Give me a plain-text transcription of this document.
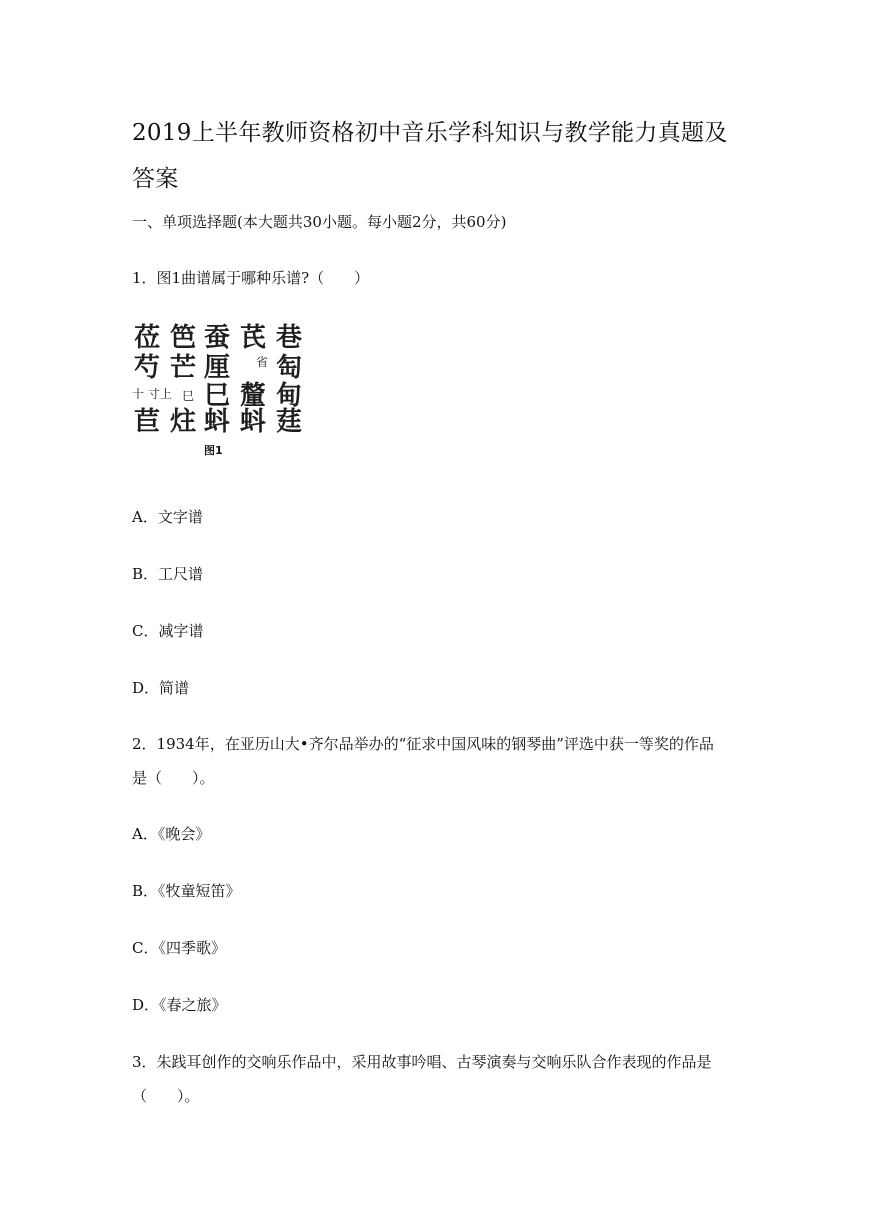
2019上半年教师资格初中音乐学科知识与教学能力真题及答案

一、单项选择题(本大题共30小题。每小题2分，共60分)

1．图1曲谱属于哪种乐谱?（　　）

莅
芍
十 寸上
苣
笆
芒
巳
炷
蚕
厘
巳
蚪
芪
省
釐
蚪
巷
匋
甸
莛
图1

A．文字谱

B．工尺谱

C．减字谱

D．简谱

2．1934年，在亚历山大•齐尔品举办的“征求中国风味的钢琴曲”评选中获一等奖的作品

是（　　）。

A．《晚会》

B．《牧童短笛》

C．《四季歌》

D．《春之旅》

3．朱践耳创作的交响乐作品中，采用故事吟唱、古琴演奏与交响乐队合作表现的作品是

（　　）。
